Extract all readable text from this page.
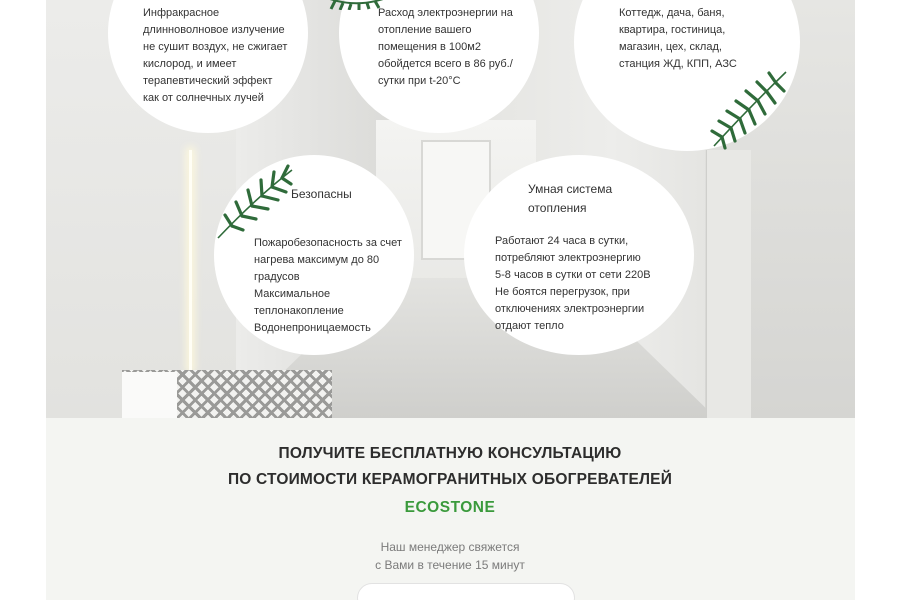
Инфракрасное
длинноволновое излучение
не сушит воздух, не сжигает
кислород, и имеет
терапевтический эффект
как от солнечных лучей
Расход электроэнергии на
отопление вашего
помещения в 100м2
обойдется всего в 86 руб./
сутки при t-20°C
Коттедж, дача, баня,
квартира, гостиница,
магазин, цех, склад,
станция ЖД, КПП, АЗС
Безопасны
Пожаробезопасность за счет
нагрева максимум до 80
градусов
Максимальное
теплонакопление
Водонепроницаемость
Умная система
отопления
Работают 24 часа в сутки,
потребляют электроэнергию
5-8 часов в сутки от сети 220В
Не боятся перегрузок, при
отключениях электроэнергии
отдают тепло
ПОЛУЧИТЕ БЕСПЛАТНУЮ КОНСУЛЬТАЦИЮ
ПО СТОИМОСТИ КЕРАМОГРАНИТНЫХ ОБОГРЕВАТЕЛЕЙ
ECOSTONE
Наш менеджер свяжется
с Вами в течение 15 минут
